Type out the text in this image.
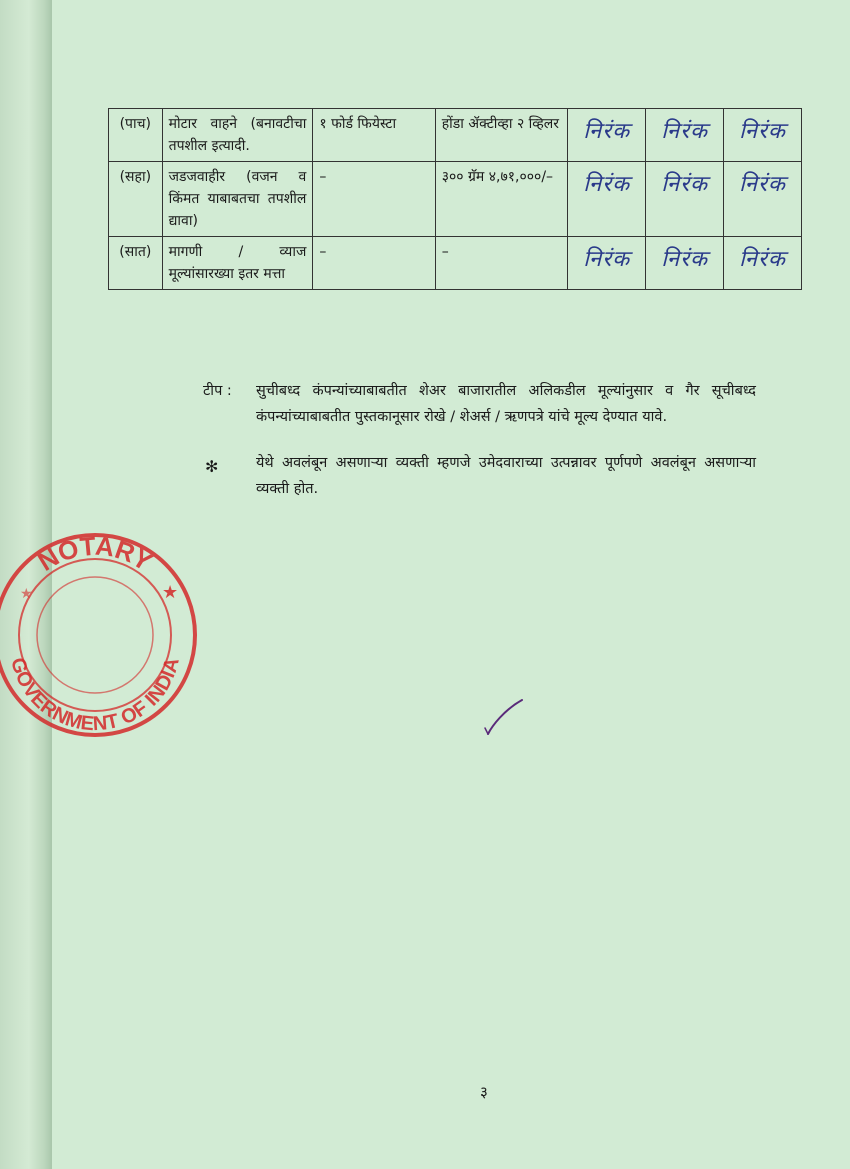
(पाच)	मोटार वाहने (बनावटीचा तपशील इत्यादी.	१ फोर्ड फियेस्टा	होंडा ॲक्टीव्हा २ व्हिलर	निरंक	निरंक	निरंक

(सहा)	जडजवाहीर (वजन व किंमत याबाबतचा तपशील द्यावा)	–	३०० ग्रॅम ४,७१,०००/–	निरंक	निरंक	निरंक

(सात)	मागणी / व्याज मूल्यांसारख्या इतर मत्ता	–	–	निरंक	निरंक	निरंक
टीप : सुचीबध्द कंपन्यांच्याबाबतीत शेअर बाजारातील अलिकडील मूल्यांनुसार व गैर सूचीबध्द कंपन्यांच्याबाबतीत पुस्तकानूसार रोखे / शेअर्स / ऋणपत्रे यांचे मूल्य देण्यात यावे.
✻	येथे अवलंबून असणाऱ्या व्यक्ती म्हणजे उमेदवाराच्या उत्पन्नावर पूर्णपणे अवलंबून असणाऱ्या व्यक्ती होत.
NOTARY
GOVERNMENT OF INDIA
★
★
३
